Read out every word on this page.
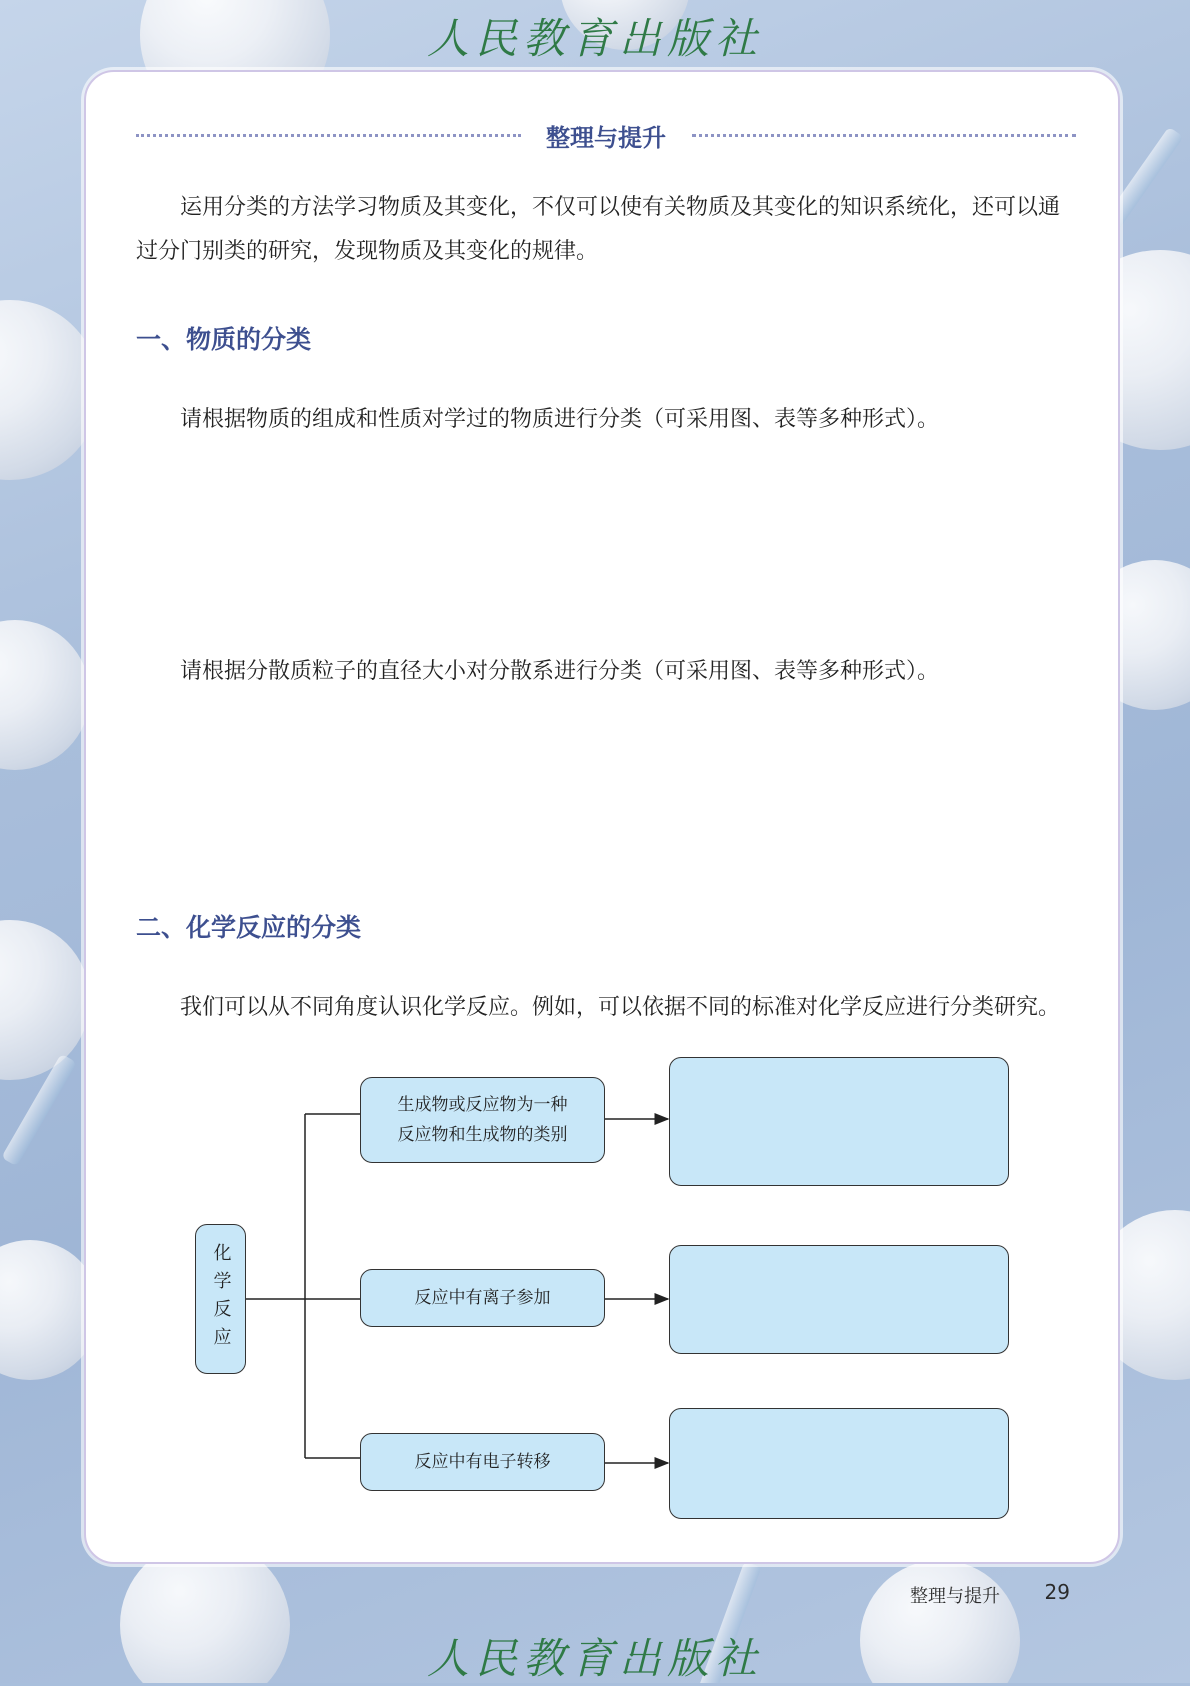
人民教育出版社
人民教育出版社
整理与提升
运用分类的方法学习物质及其变化，不仅可以使有关物质及其变化的知识系统化，还可以通过分门别类的研究，发现物质及其变化的规律。
一、物质的分类
请根据物质的组成和性质对学过的物质进行分类（可采用图、表等多种形式）。
请根据分散质粒子的直径大小对分散系进行分类（可采用图、表等多种形式）。
二、化学反应的分类
我们可以从不同角度认识化学反应。例如，可以依据不同的标准对化学反应进行分类研究。
化学反应
生成物或反应物为一种
反应物和生成物的类别
反应中有离子参加
反应中有电子转移
整理与提升 29
